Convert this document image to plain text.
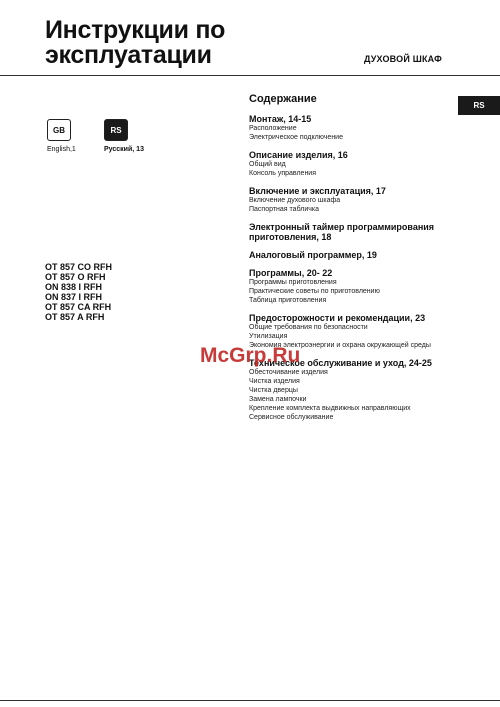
Инструкции по
эксплуатации	ДУХОВОЙ ШКАФ
RS
GB	RS
English,1	Русский, 13
OT 857 CO RFH
OT 857 O RFH
ON 838 I RFH
ON 837 I RFH
OT 857 CA RFH
OT 857 A RFH
Содержание
Монтаж, 14-15
Расположение
Электрическое подключение
Описание изделия, 16
Общий вид
Консоль управления
Включение и эксплуатация, 17
Включение духового шкафа
Паспортная табличка
Электронный таймер программирования приготовления, 18
Аналоговый программер, 19
Программы, 20- 22
Программы приготовления
Практические советы по приготовлению
Таблица приготовления
Предосторожности и рекомендации, 23
Общие требования по безопасности
Утилизация
Экономия электроэнергии и охрана окружающей среды
Техническое обслуживание и уход, 24-25
Обесточивание изделия
Чистка изделия
Чистка дверцы
Замена лампочки
Крепление комплекта выдвижных направляющих
Сервисное обслуживание
McGrp.Ru
